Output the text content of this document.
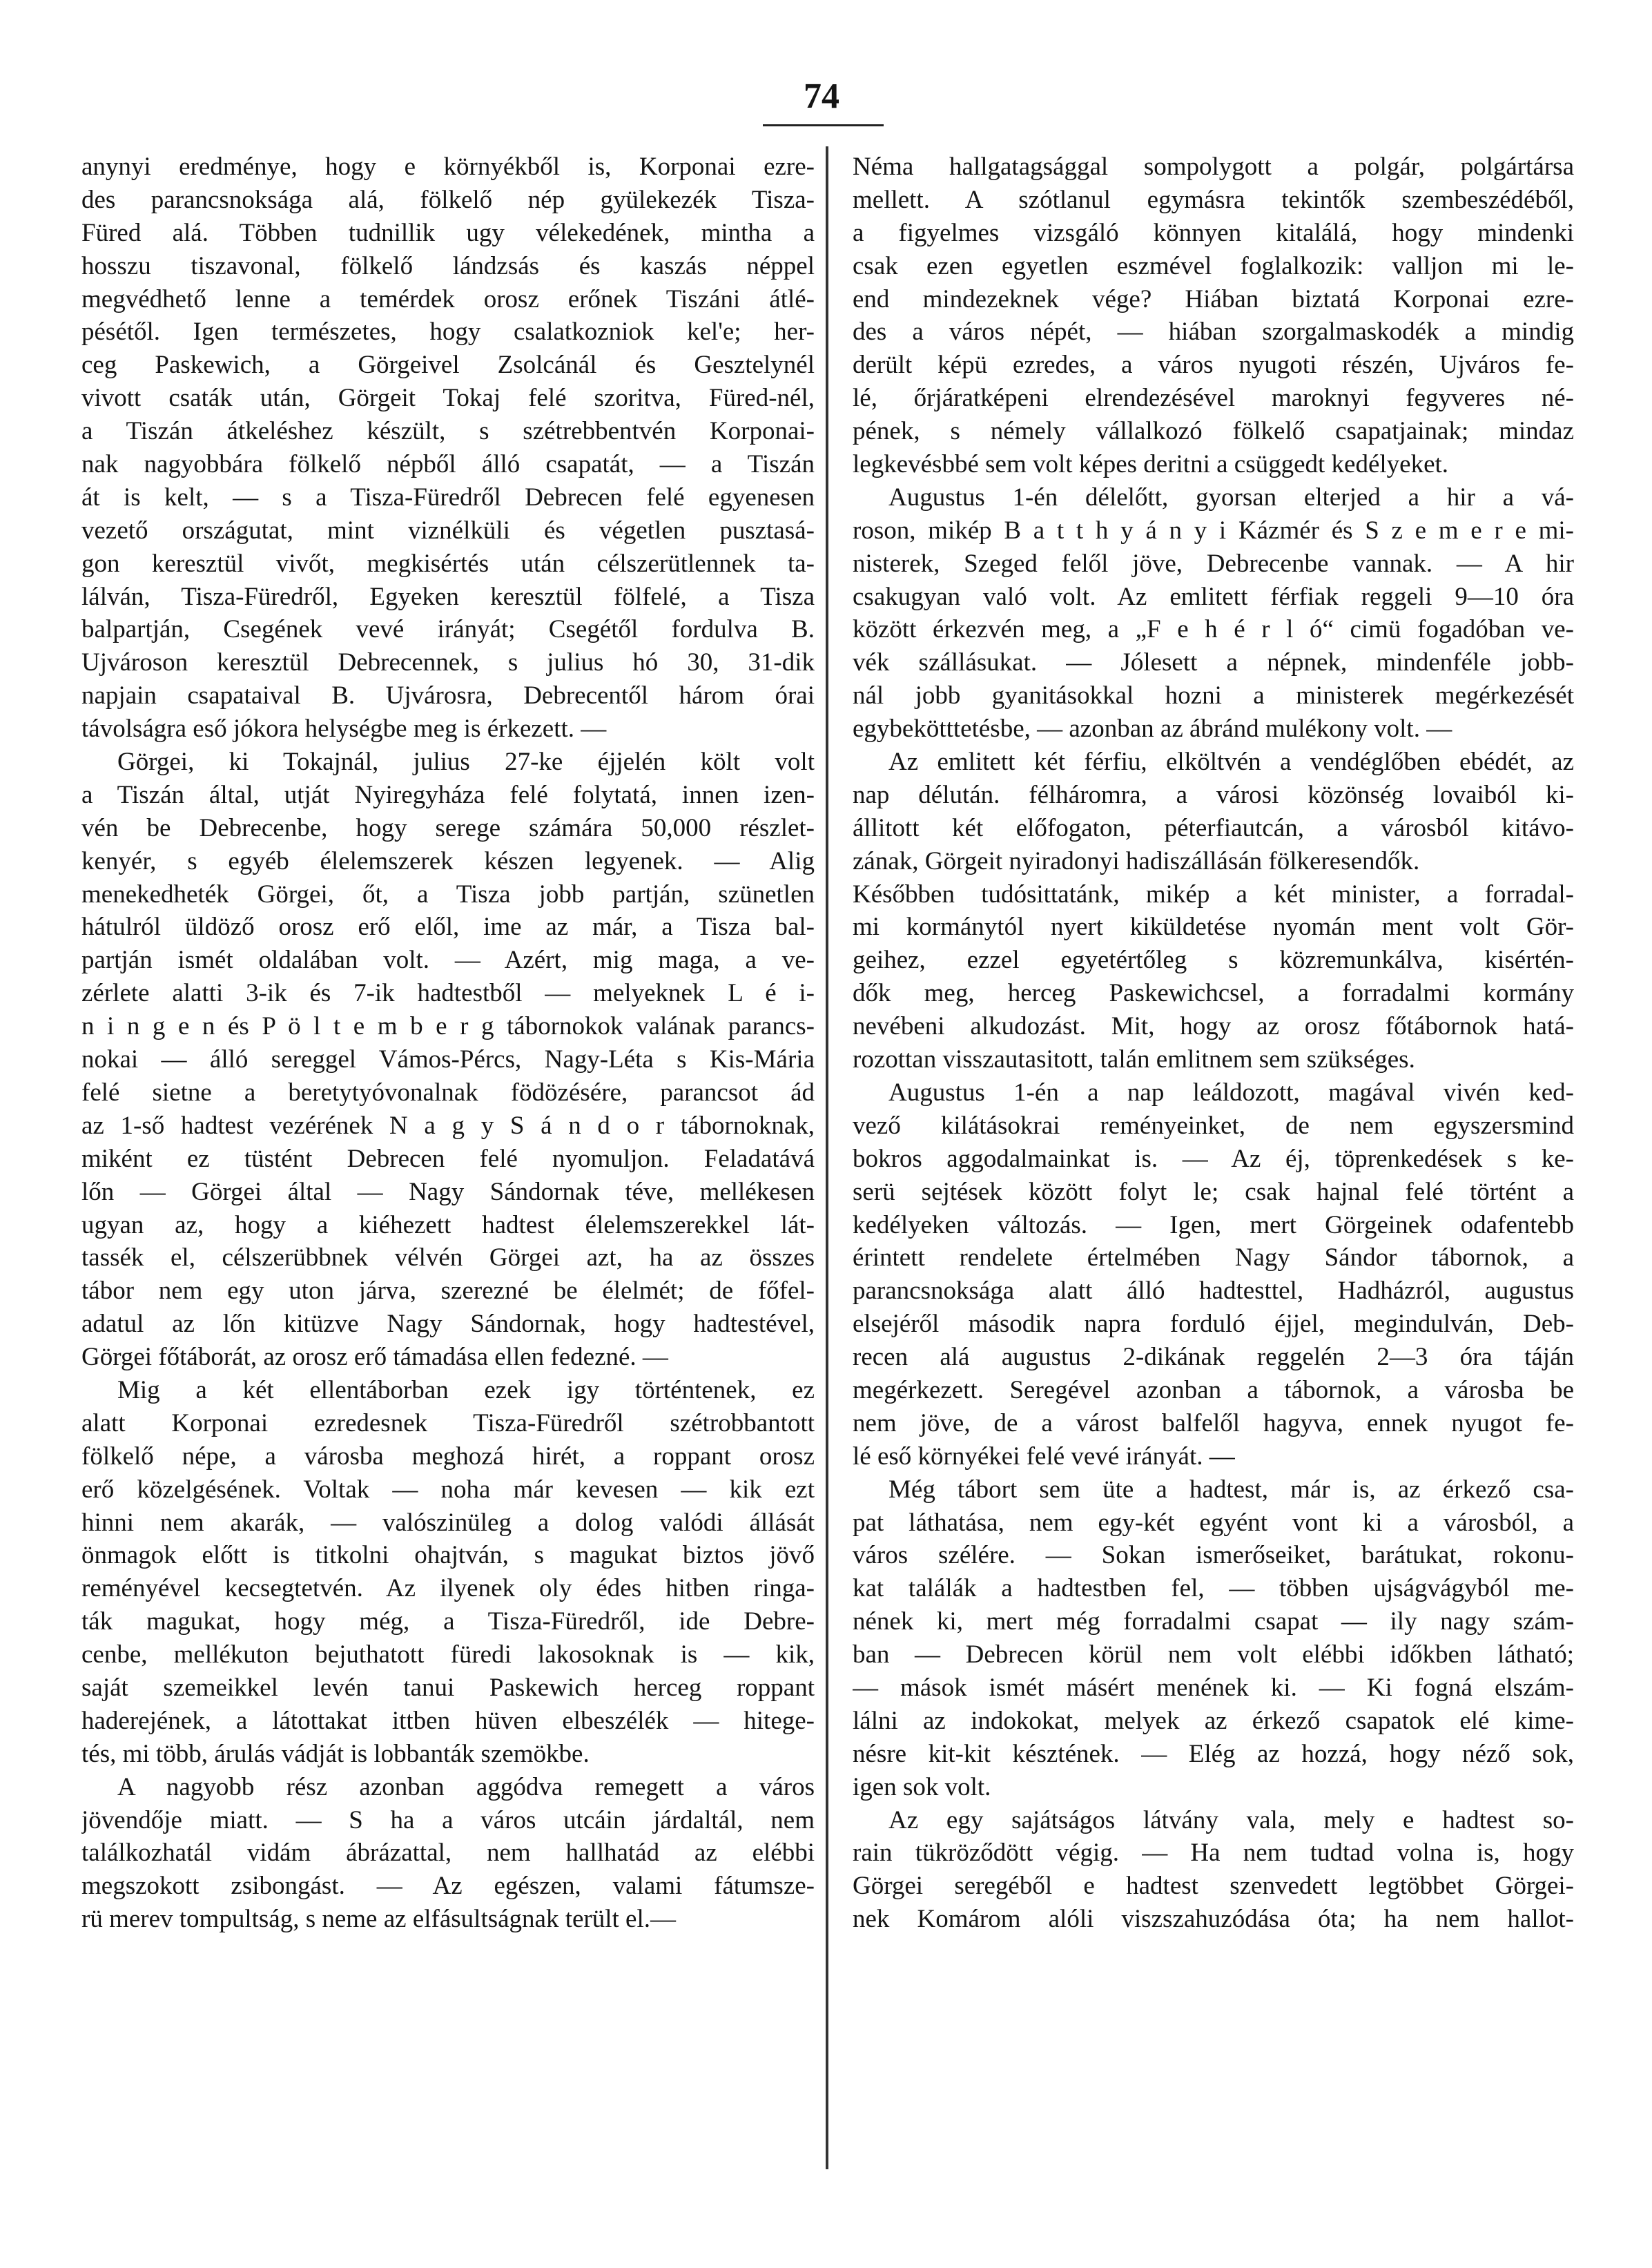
74
anynyi eredménye, hogy e környékből is, Korponai ezre-
des parancsnoksága alá, fölkelő nép gyülekezék Tisza-
Füred alá. Többen tudnillik ugy vélekedének, mintha a
hosszu tiszavonal, fölkelő lándzsás és kaszás néppel
megvédhető lenne a temérdek orosz erőnek Tiszáni átlé-
pésétől. Igen természetes, hogy csalatkozniok kel'e; her-
ceg Paskewich, a Görgeivel Zsolcánál és Gesztelynél
vivott csaták után, Görgeit Tokaj felé szoritva, Füred-nél,
a Tiszán átkeléshez készült, s szétrebbentvén Korponai-
nak nagyobbára fölkelő népből álló csapatát, — a Tiszán
át is kelt, — s a Tisza-Füredről Debrecen felé egyenesen
vezető országutat, mint viznélküli és végetlen pusztasá-
gon keresztül vivőt, megkisértés után célszerütlennek ta-
lálván, Tisza-Füredről, Egyeken keresztül fölfelé, a Tisza
balpartján, Csegének vevé irányát; Csegétől fordulva B.
Ujvároson keresztül Debrecennek, s julius hó 30, 31-dik
napjain csapataival B. Ujvárosra, Debrecentől három órai
távolságra eső jókora helységbe meg is érkezett. —
Görgei, ki Tokajnál, julius 27-ke éjjelén költ volt
a Tiszán által, utját Nyiregyháza felé folytatá, innen izen-
vén be Debrecenbe, hogy serege számára 50,000 részlet-
kenyér, s egyéb élelemszerek készen legyenek. — Alig
menekedheték Görgei, őt, a Tisza jobb partján, szünetlen
hátulról üldöző orosz erő elől, ime az már, a Tisza bal-
partján ismét oldalában volt. — Azért, mig maga, a ve-
zérlete alatti 3-ik és 7-ik hadtestből — melyeknek L é i-
n i n g e n és P ö l t e m b e r g tábornokok valának parancs-
nokai — álló sereggel Vámos-Pércs, Nagy-Léta s Kis-Mária
felé sietne a beretytyóvonalnak födözésére, parancsot ád
az 1-ső hadtest vezérének N a g y S á n d o r tábornoknak,
miként ez tüstént Debrecen felé nyomuljon. Feladatává
lőn — Görgei által — Nagy Sándornak téve, mellékesen
ugyan az, hogy a kiéhezett hadtest élelemszerekkel lát-
tassék el, célszerübbnek vélvén Görgei azt, ha az összes
tábor nem egy uton járva, szerezné be élelmét; de főfel-
adatul az lőn kitüzve Nagy Sándornak, hogy hadtestével,
Görgei főtáborát, az orosz erő támadása ellen fedezné. —
Mig a két ellentáborban ezek igy történtenek, ez
alatt Korponai ezredesnek Tisza-Füredről szétrobbantott
fölkelő népe, a városba meghozá hirét, a roppant orosz
erő közelgésének. Voltak — noha már kevesen — kik ezt
hinni nem akarák, — valószinüleg a dolog valódi állását
önmagok előtt is titkolni ohajtván, s magukat biztos jövő
reményével kecsegtetvén. Az ilyenek oly édes hitben ringa-
ták magukat, hogy még, a Tisza-Füredről, ide Debre-
cenbe, mellékuton bejuthatott füredi lakosoknak is — kik,
saját szemeikkel levén tanui Paskewich herceg roppant
haderejének, a látottakat ittben hüven elbeszélék — hitege-
tés, mi több, árulás vádját is lobbanták szemökbe.
A nagyobb rész azonban aggódva remegett a város
jövendője miatt. — S ha a város utcáin járdaltál, nem
találkozhatál vidám ábrázattal, nem hallhatád az elébbi
megszokott zsibongást. — Az egészen, valami fátumsze-
rü merev tompultság, s neme az elfásultságnak terült el.—
Néma hallgatagsággal sompolygott a polgár, polgártársa
mellett. A szótlanul egymásra tekintők szembeszédéből,
a figyelmes vizsgáló könnyen kitalálá, hogy mindenki
csak ezen egyetlen eszmével foglalkozik: valljon mi le-
end mindezeknek vége? Hiában biztatá Korponai ezre-
des a város népét, — hiában szorgalmaskodék a mindig
derült képü ezredes, a város nyugoti részén, Ujváros fe-
lé, őrjáratképeni elrendezésével maroknyi fegyveres né-
pének, s némely vállalkozó fölkelő csapatjainak; mindaz
legkevésbbé sem volt képes deritni a csüggedt kedélyeket.
Augustus 1-én délelőtt, gyorsan elterjed a hir a vá-
roson, mikép B a t t h y á n y i Kázmér és S z e m e r e mi-
nisterek, Szeged felől jöve, Debrecenbe vannak. — A hir
csakugyan való volt. Az emlitett férfiak reggeli 9—10 óra
között érkezvén meg, a „F e h é r l ó“ cimü fogadóban ve-
vék szállásukat. — Jólesett a népnek, mindenféle jobb-
nál jobb gyanitásokkal hozni a ministerek megérkezését
egybekötttetésbe, — azonban az ábránd mulékony volt. —
Az emlitett két férfiu, elköltvén a vendéglőben ebédét, az
nap délután. félháromra, a városi közönség lovaiból ki-
állitott két előfogaton, péterfiautcán, a városból kitávo-
zának, Görgeit nyiradonyi hadiszállásán fölkeresendők.
Későbben tudósittatánk, mikép a két minister, a forradal-
mi kormánytól nyert kiküldetése nyomán ment volt Gör-
geihez, ezzel egyetértőleg s közremunkálva, kisértén-
dők meg, herceg Paskewichcsel, a forradalmi kormány
nevébeni alkudozást. Mit, hogy az orosz főtábornok hatá-
rozottan visszautasitott, talán emlitnem sem szükséges.
Augustus 1-én a nap leáldozott, magával vivén ked-
vező kilátásokrai reményeinket, de nem egyszersmind
bokros aggodalmainkat is. — Az éj, töprenkedések s ke-
serü sejtések között folyt le; csak hajnal felé történt a
kedélyeken változás. — Igen, mert Görgeinek odafentebb
érintett rendelete értelmében Nagy Sándor tábornok, a
parancsnoksága alatt álló hadtesttel, Hadházról, augustus
elsejéről második napra forduló éjjel, megindulván, Deb-
recen alá augustus 2-dikának reggelén 2—3 óra táján
megérkezett. Seregével azonban a tábornok, a városba be
nem jöve, de a várost balfelől hagyva, ennek nyugot fe-
lé eső környékei felé vevé irányát. —
Még tábort sem üte a hadtest, már is, az érkező csa-
pat láthatása, nem egy-két egyént vont ki a városból, a
város szélére. — Sokan ismerőseiket, barátukat, rokonu-
kat találák a hadtestben fel, — többen ujságvágyból me-
nének ki, mert még forradalmi csapat — ily nagy szám-
ban — Debrecen körül nem volt elébbi időkben látható;
— mások ismét másért menének ki. — Ki fogná elszám-
lálni az indokokat, melyek az érkező csapatok elé kime-
nésre kit-kit késztének. — Elég az hozzá, hogy néző sok,
igen sok volt.
Az egy sajátságos látvány vala, mely e hadtest so-
rain tükröződött végig. — Ha nem tudtad volna is, hogy
Görgei seregéből e hadtest szenvedett legtöbbet Görgei-
nek Komárom alóli viszszahuzódása óta; ha nem hallot-
